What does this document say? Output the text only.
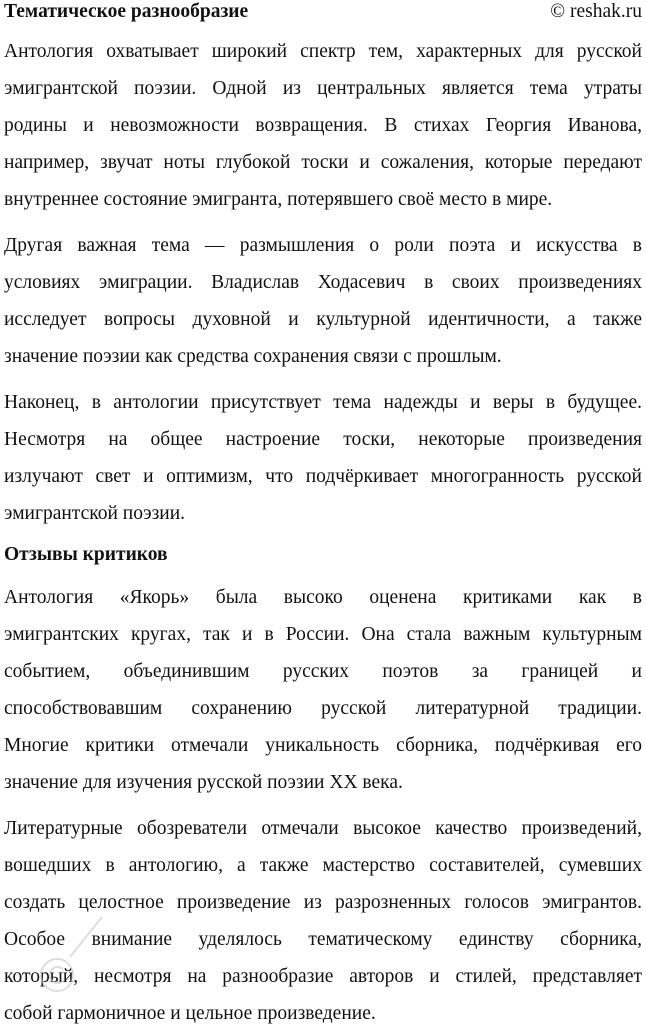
Тематическое разнообразие	© reshak.ru
Антология охватывает широкий спектр тем, характерных для русской
эмигрантской поэзии. Одной из центральных является тема утраты
родины и невозможности возвращения. В стихах Георгия Иванова,
например, звучат ноты глубокой тоски и сожаления, которые передают
внутреннее состояние эмигранта, потерявшего своё место в мире.
Другая важная тема — размышления о роли поэта и искусства в
условиях эмиграции. Владислав Ходасевич в своих произведениях
исследует вопросы духовной и культурной идентичности, а также
значение поэзии как средства сохранения связи с прошлым.
Наконец, в антологии присутствует тема надежды и веры в будущее.
Несмотря на общее настроение тоски, некоторые произведения
излучают свет и оптимизм, что подчёркивает многогранность русской
эмигрантской поэзии.
Отзывы критиков
Антология «Якорь» была высоко оценена критиками как в
эмигрантских кругах, так и в России. Она стала важным культурным
событием, объединившим русских поэтов за границей и
способствовавшим сохранению русской литературной традиции.
Многие критики отмечали уникальность сборника, подчёркивая его
значение для изучения русской поэзии XX века.
Литературные обозреватели отмечали высокое качество произведений,
вошедших в антологию, а также мастерство составителей, сумевших
создать целостное произведение из разрозненных голосов эмигрантов.
Особое внимание уделялось тематическому единству сборника,
который, несмотря на разнообразие авторов и стилей, представляет
собой гармоничное и цельное произведение.
